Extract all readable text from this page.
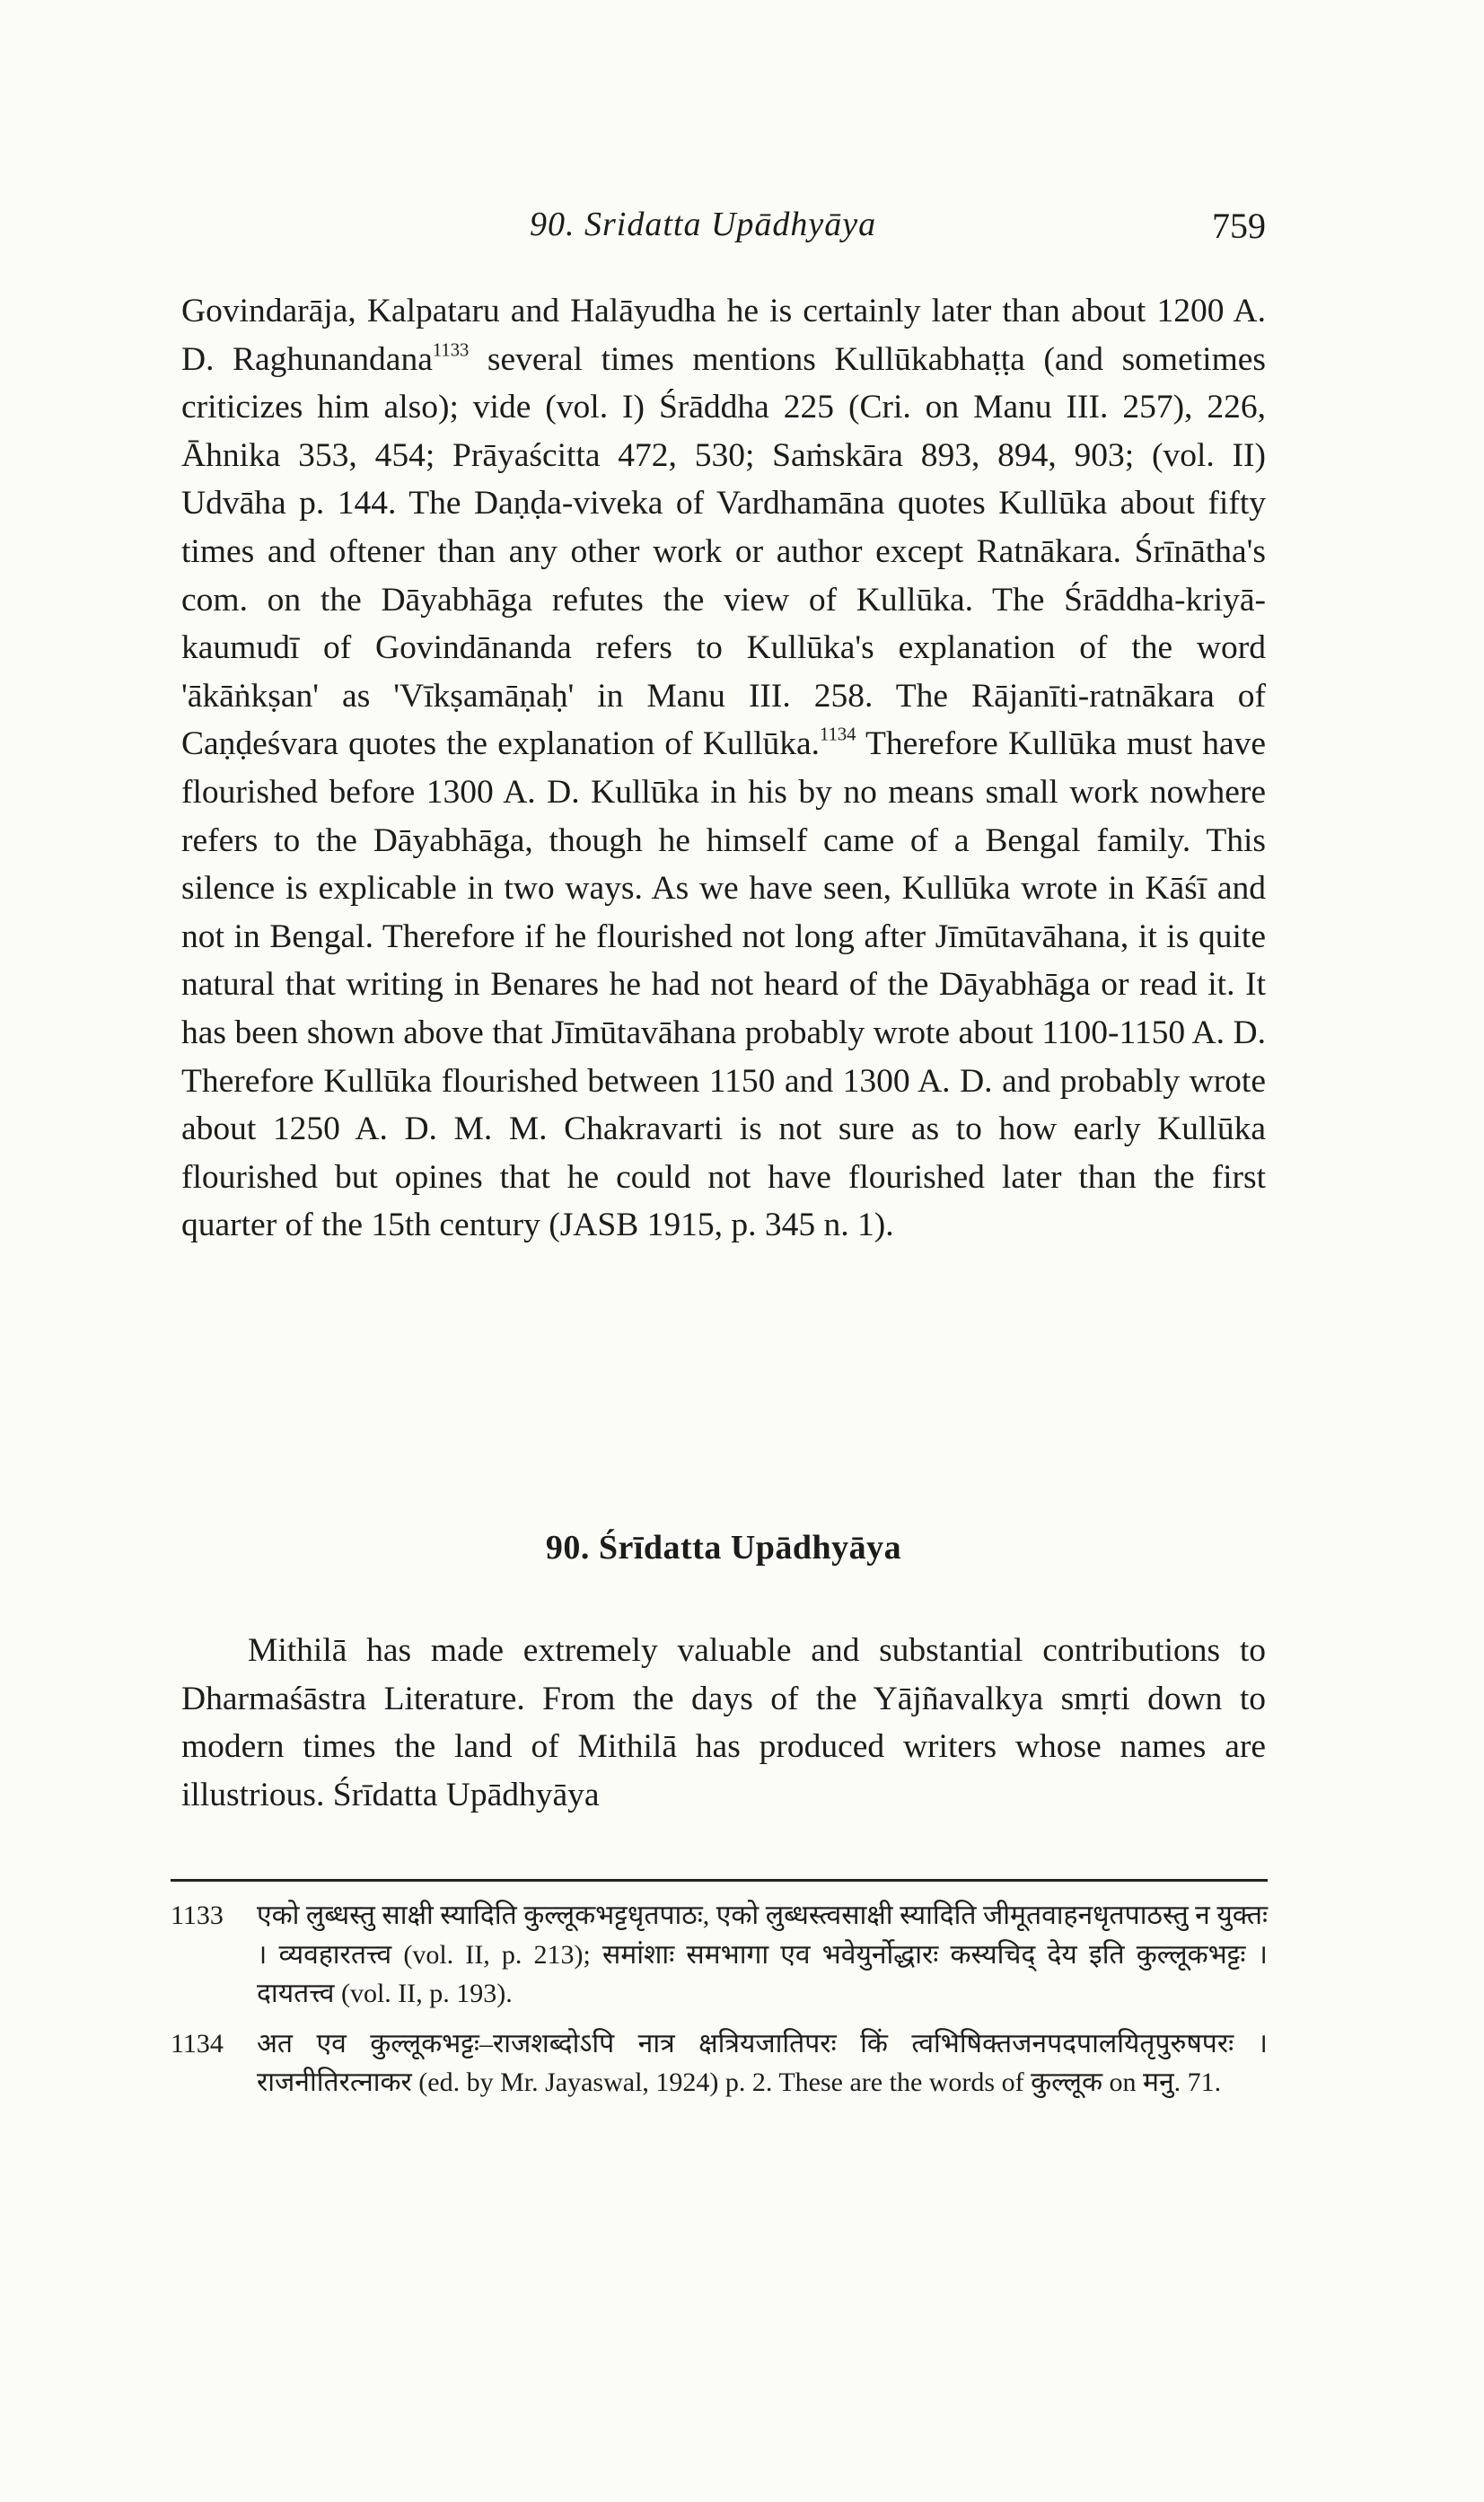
90. Sridatta Upādhyāya	759

Govindarāja, Kalpataru and Halāyudha he is certainly later than about 1200 A. D. Raghunandana$^{1133}$ several times mentions Kullūkabhaṭṭa (and sometimes criticizes him also); vide (vol. I) Śrāddha 225 (Cri. on Manu III. 257), 226, Āhnika 353, 454; Prāyaścitta 472, 530; Saṁskāra 893, 894, 903; (vol. II) Udvāha p. 144. The Daṇḍa-viveka of Vardhamāna quotes Kullūka about fifty times and oftener than any other work or author except Ratnākara. Śrīnātha's com. on the Dāyabhāga refutes the view of Kullūka. The Śrāddha-kriyā-kaumudī of Govindānanda refers to Kullūka's explanation of the word 'ākāṅkṣan' as 'Vīkṣamāṇaḥ' in Manu III. 258. The Rājanīti-ratnākara of Caṇḍeśvara quotes the explanation of Kullūka.$^{1134}$ Therefore Kullūka must have flourished before 1300 A. D. Kullūka in his by no means small work nowhere refers to the Dāyabhāga, though he himself came of a Bengal family. This silence is explicable in two ways. As we have seen, Kullūka wrote in Kāśī and not in Bengal. Therefore if he flourished not long after Jīmūtavāhana, it is quite natural that writing in Benares he had not heard of the Dāyabhāga or read it. It has been shown above that Jīmūtavāhana probably wrote about 1100-1150 A. D. Therefore Kullūka flourished between 1150 and 1300 A. D. and probably wrote about 1250 A. D. M. M. Chakravarti is not sure as to how early Kullūka flourished but opines that he could not have flourished later than the first quarter of the 15th century (JASB 1915, p. 345 n. 1).

90. Śrīdatta Upādhyāya

Mithilā has made extremely valuable and substantial contributions to Dharmaśāstra Literature. From the days of the Yājñavalkya smṛti down to modern times the land of Mithilā has produced writers whose names are illustrious. Śrīdatta Upādhyāya

1133 एको लुब्धस्तु साक्षी स्यादिति कुल्लूकभट्टधृतपाठः, एको लुब्धस्त्वसाक्षी स्यादिति जीमूतवाहनधृतपाठस्तु न युक्तः । व्यवहारतत्त्व (vol. II, p. 213); समांशाः समभागा एव भवेयुर्नोद्धारः कस्यचिद् देय इति कुल्लूकभट्टः । दायतत्त्व (vol. II, p. 193).
1134 अत एव कुल्लूकभट्टः–राजशब्दोऽपि नात्र क्षत्रियजातिपरः किं त्वभिषिक्तजनपदपालयितृपुरुषपरः । राजनीतिरत्नाकर (ed. by Mr. Jayaswal, 1924) p. 2. These are the words of कुल्लूक on मनु. 71.
